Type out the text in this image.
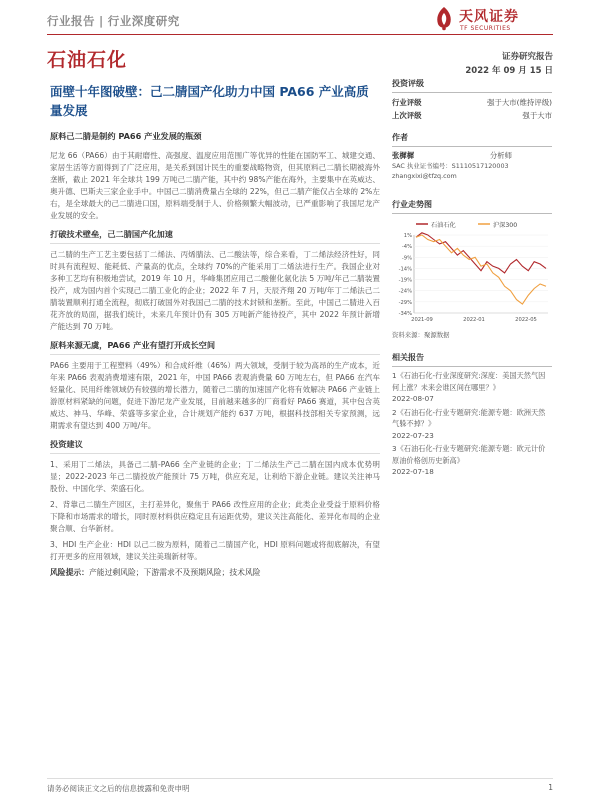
行业报告 | 行业深度研究	天风证券
TF SECURITIES
石油石化	证券研究报告
2022 年 09 月 15 日
面壁十年图破壁：己二腈国产化助力中国 PA66 产业高质量发展
原料己二腈是制约 PA66 产业发展的瓶颈

尼龙 66（PA66）由于其耐磨性、高强度、温度应用范围广等优异的性能在国防军工、城建交通、家居生活等方面得到了广泛应用，是关系到国计民生的重要战略物资，但其原料己二腈长期被海外垄断，截止 2021 年全球共 199 万吨己二腈产能，其中约 98%产能在海外，主要集中在英威达、奥升德、巴斯夫三家企业手中。中国己二腈消费量占全球的 22%，但己二腈产能仅占全球的 2%左右，是全球最大的己二腈进口国，原料端受制于人、价格频繁大幅波动，已严重影响了我国尼龙产业发展的安全。

打破技术壁垒，己二腈国产化加速

己二腈的生产工艺主要包括丁二烯法、丙烯腈法、己二酸法等，综合来看，丁二烯法经济性好，同时具有流程短、能耗低、产量高的优点，全球约 70%的产能采用丁二烯法进行生产。我国企业对多种工艺均有积极地尝试，2019 年 10 月，华峰集团应用己二酸催化氨化法 5 万吨/年己二腈装置投产，成为国内首个实现己二腈工业化的企业；2022 年 7 月，天辰齐翔 20 万吨/年丁二烯法己二腈装置顺利打通全流程，彻底打破国外对我国己二腈的技术封锁和垄断。至此，中国己二腈进入百花齐放的局面，据我们统计，未来几年预计仍有 305 万吨新产能待投产，其中 2022 年预计新增产能达到 70 万吨。

原料来源无虞，PA66 产业有望打开成长空间

PA66 主要用于工程塑料（49%）和合成纤维（46%）两大领域，受制于较为高昂的生产成本，近年来 PA66 表观消费增速有限，2021 年，中国 PA66 表观消费量 60 万吨左右，但 PA66 在汽车轻量化、民用纤维领域仍有较强的增长潜力，随着己二腈的加速国产化将有效解决 PA66 产业链上游原材料紧缺的问题，促进下游尼龙产业发展，目前越来越多的厂商看好 PA66 赛道，其中包含英威达、神马、华峰、荣盛等多家企业，合计规划产能约 637 万吨，根据科技部相关专家预测，远期需求有望达到 400 万吨/年。

投资建议

1、采用丁二烯法，具备己二腈-PA66 全产业链的企业；丁二烯法生产己二腈在国内成本优势明显；2022-2023 年己二腈投放产能预计 75 万吨，供应充足，让利给下游企业链。建议关注神马股份、中国化学、荣盛石化。

2、背靠己二腈生产园区，主打差异化，聚焦于 PA66 改性应用的企业；此类企业受益于原料价格下降和市场需求的增长，同时原材料供应稳定且有运距优势，建议关注高能化、差异化布局的企业聚合顺、台华新材。

3、HDI 生产企业：HDI 以己二胺为原料，随着己二腈国产化，HDI 原料问题或将彻底解决，有望打开更多的应用领域，建议关注美瑞新材等。

风险提示：产能过剩风险；下游需求不及预期风险；技术风险
投资评级
行业评级	强于大市(维持评级)
上次评级	强于大市
作者
张樨樨	分析师
SAC 执业证书编号：S1110517120003
zhangxixi@tfzq.com
行业走势图
石油石化	沪深300
1%
-4%
-9%
-14%
-19%
-24%
-29%
-34%
2021-09	2022-01	2022-05
资料来源：聚源数据
相关报告
1《石油石化-行业深度研究:深度：美国天然气因何上涨？未来会谁区间在哪里？》
2022-08-07
2《石油石化-行业专题研究:能源专题：欧洲天然气躲不掉？》
2022-07-23
3《石油石化-行业专题研究:能源专题：欧元计价原油价格创历史新高》
2022-07-18
请务必阅读正文之后的信息披露和免责申明	1
